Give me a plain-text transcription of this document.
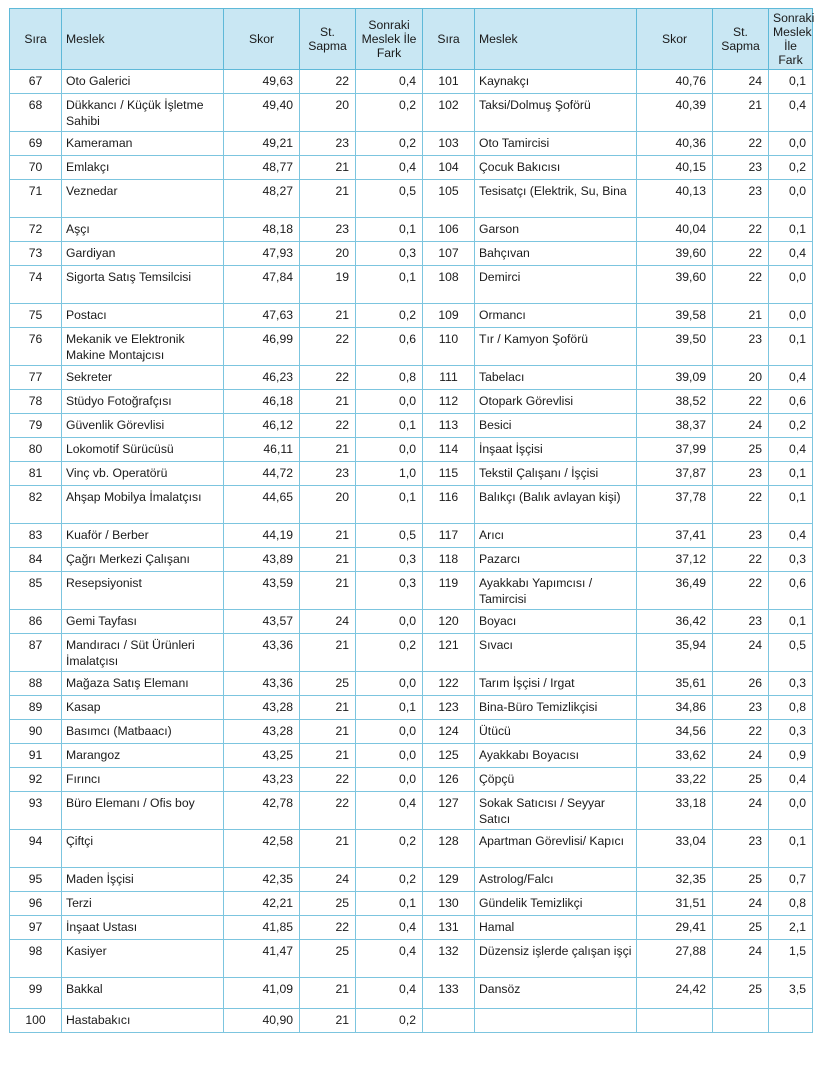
Sıra	Meslek	Skor	St. Sapma	Sonraki Meslek İle Fark	Sıra	Meslek	Skor	St. Sapma	Sonraki Meslek İle Fark
67	Oto Galerici	49,63	22	0,4	101	Kaynakçı	40,76	24	0,1
68	Dükkancı / Küçük İşletme Sahibi	49,40	20	0,2	102	Taksi/Dolmuş Şoförü	40,39	21	0,4
69	Kameraman	49,21	23	0,2	103	Oto Tamircisi	40,36	22	0,0
70	Emlakçı	48,77	21	0,4	104	Çocuk Bakıcısı	40,15	23	0,2
71	Veznedar	48,27	21	0,5	105	Tesisatçı (Elektrik, Su, Bina	40,13	23	0,0
72	Aşçı	48,18	23	0,1	106	Garson	40,04	22	0,1
73	Gardiyan	47,93	20	0,3	107	Bahçıvan	39,60	22	0,4
74	Sigorta Satış Temsilcisi	47,84	19	0,1	108	Demirci	39,60	22	0,0
75	Postacı	47,63	21	0,2	109	Ormancı	39,58	21	0,0
76	Mekanik ve Elektronik Makine Montajcısı	46,99	22	0,6	110	Tır / Kamyon Şoförü	39,50	23	0,1
77	Sekreter	46,23	22	0,8	111	Tabelacı	39,09	20	0,4
78	Stüdyo Fotoğrafçısı	46,18	21	0,0	112	Otopark Görevlisi	38,52	22	0,6
79	Güvenlik Görevlisi	46,12	22	0,1	113	Besici	38,37	24	0,2
80	Lokomotif Sürücüsü	46,11	21	0,0	114	İnşaat İşçisi	37,99	25	0,4
81	Vinç vb. Operatörü	44,72	23	1,0	115	Tekstil Çalışanı / İşçisi	37,87	23	0,1
82	Ahşap Mobilya İmalatçısı	44,65	20	0,1	116	Balıkçı (Balık avlayan kişi)	37,78	22	0,1
83	Kuaför / Berber	44,19	21	0,5	117	Arıcı	37,41	23	0,4
84	Çağrı Merkezi Çalışanı	43,89	21	0,3	118	Pazarcı	37,12	22	0,3
85	Resepsiyonist	43,59	21	0,3	119	Ayakkabı Yapımcısı / Tamircisi	36,49	22	0,6
86	Gemi Tayfası	43,57	24	0,0	120	Boyacı	36,42	23	0,1
87	Mandıracı / Süt Ürünleri İmalatçısı	43,36	21	0,2	121	Sıvacı	35,94	24	0,5
88	Mağaza Satış Elemanı	43,36	25	0,0	122	Tarım İşçisi / Irgat	35,61	26	0,3
89	Kasap	43,28	21	0,1	123	Bina-Büro Temizlikçisi	34,86	23	0,8
90	Basımcı (Matbaacı)	43,28	21	0,0	124	Ütücü	34,56	22	0,3
91	Marangoz	43,25	21	0,0	125	Ayakkabı Boyacısı	33,62	24	0,9
92	Fırıncı	43,23	22	0,0	126	Çöpçü	33,22	25	0,4
93	Büro Elemanı / Ofis boy	42,78	22	0,4	127	Sokak Satıcısı / Seyyar Satıcı	33,18	24	0,0
94	Çiftçi	42,58	21	0,2	128	Apartman Görevlisi/ Kapıcı	33,04	23	0,1
95	Maden İşçisi	42,35	24	0,2	129	Astrolog/Falcı	32,35	25	0,7
96	Terzi	42,21	25	0,1	130	Gündelik Temizlikçi	31,51	24	0,8
97	İnşaat Ustası	41,85	22	0,4	131	Hamal	29,41	25	2,1
98	Kasiyer	41,47	25	0,4	132	Düzensiz işlerde çalışan işçi	27,88	24	1,5
99	Bakkal	41,09	21	0,4	133	Dansöz	24,42	25	3,5
100	Hastabakıcı	40,90	21	0,2					
